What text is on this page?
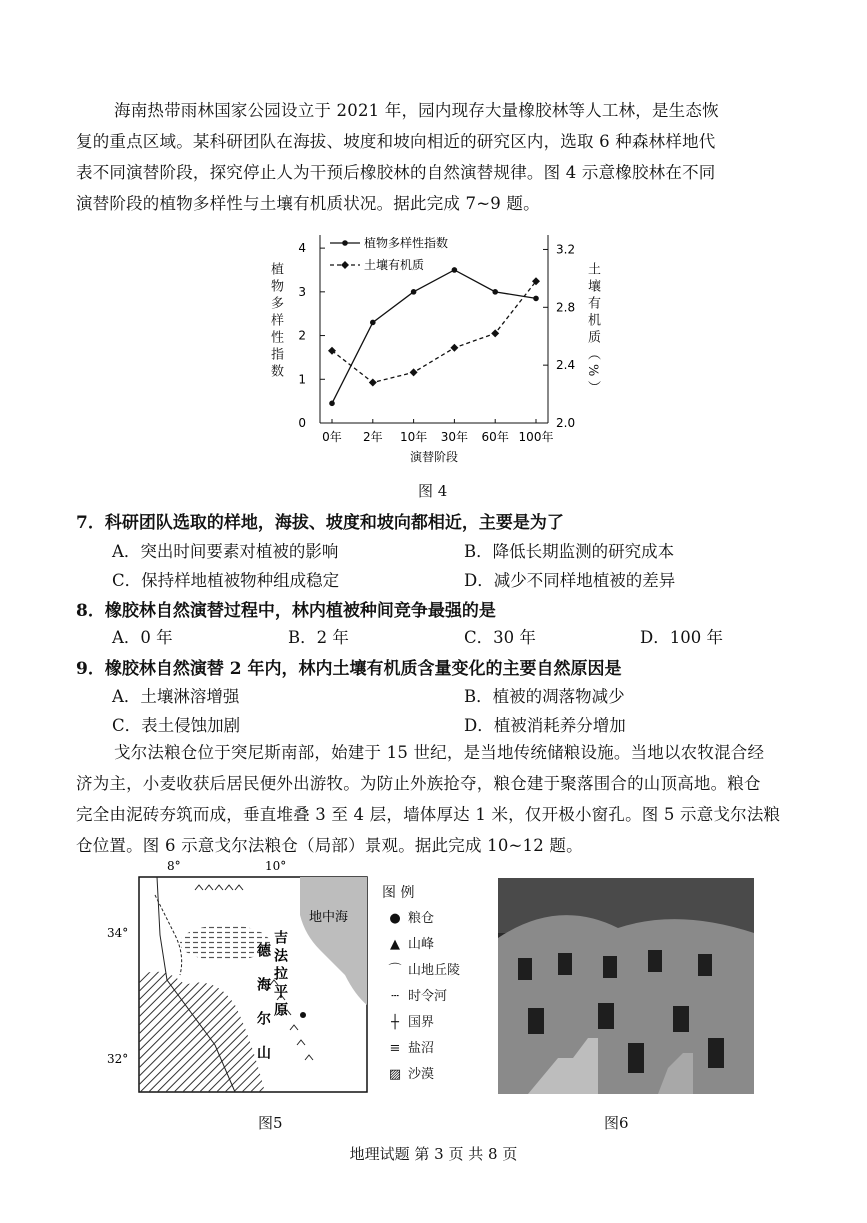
海南热带雨林国家公园设立于 2021 年，园内现存大量橡胶林等人工林，是生态恢
复的重点区域。某科研团队在海拔、坡度和坡向相近的研究区内，选取 6 种森林样地代
表不同演替阶段，探究停止人为干预后橡胶林的自然演替规律。图 4 示意橡胶林在不同
演替阶段的植物多样性与土壤有机质状况。据此完成 7~9 题。
植物多样性指数	土壤有机质（%）
0
1
2
3
4
2.0
2.4
2.8
3.2
0年 2年 10年 30年 60年 100年
演替阶段
植物多样性指数
土壤有机质
图 4
7．科研团队选取的样地，海拔、坡度和坡向都相近，主要是为了
A．突出时间要素对植被的影响	B．降低长期监测的研究成本
C．保持样地植被物种组成稳定	D．减少不同样地植被的差异
8．橡胶林自然演替过程中，林内植被种间竞争最强的是
A．0 年	B．2 年	C．30 年	D．100 年
9．橡胶林自然演替 2 年内，林内土壤有机质含量变化的主要自然原因是
A．土壤淋溶增强	B．植被的凋落物减少
C．表土侵蚀加剧	D．植被消耗养分增加
戈尔法粮仓位于突尼斯南部，始建于 15 世纪，是当地传统储粮设施。当地以农牧混合经
济为主，小麦收获后居民便外出游牧。为防止外族抢夺，粮仓建于聚落围合的山顶高地。粮仓
完全由泥砖夯筑而成，垂直堆叠 3 至 4 层，墙体厚达 1 米，仅开极小窗孔。图 5 示意戈尔法粮
仓位置。图 6 示意戈尔法粮仓（局部）景观。据此完成 10~12 题。
8°	10°
34°
32°
地中海
吉法拉平原
德海尔山
图 例
● 粮仓
▲ 山峰
⌒ 山地丘陵
┄ 时令河
┼ 国界
≡ 盐沼
▨ 沙漠
图5	图6
地理试题 第 3 页 共 8 页
